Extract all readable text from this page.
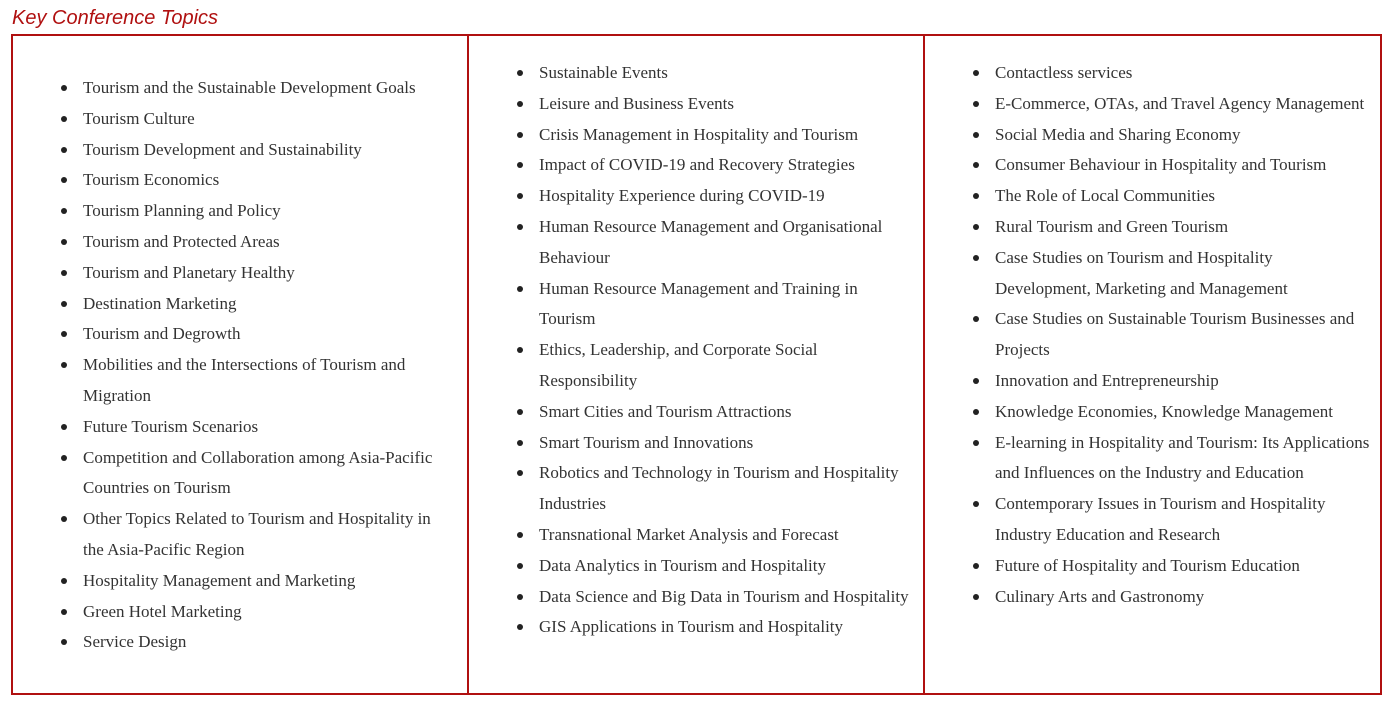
Key Conference Topics
Tourism and the Sustainable Development Goals
Tourism Culture
Tourism Development and Sustainability
Tourism Economics
Tourism Planning and Policy
Tourism and Protected Areas
Tourism and Planetary Healthy
Destination Marketing
Tourism and Degrowth
Mobilities and the Intersections of Tourism and Migration
Future Tourism Scenarios
Competition and Collaboration among Asia-Pacific Countries on Tourism
Other Topics Related to Tourism and Hospitality in the Asia-Pacific Region
Hospitality Management and Marketing
Green Hotel Marketing
Service Design

Sustainable Events
Leisure and Business Events
Crisis Management in Hospitality and Tourism
Impact of COVID-19 and Recovery Strategies
Hospitality Experience during COVID-19
Human Resource Management and Organisational Behaviour
Human Resource Management and Training in Tourism
Ethics, Leadership, and Corporate Social Responsibility
Smart Cities and Tourism Attractions
Smart Tourism and Innovations
Robotics and Technology in Tourism and Hospitality Industries
Transnational Market Analysis and Forecast
Data Analytics in Tourism and Hospitality
Data Science and Big Data in Tourism and Hospitality
GIS Applications in Tourism and Hospitality

Contactless services
E-Commerce, OTAs, and Travel Agency Management
Social Media and Sharing Economy
Consumer Behaviour in Hospitality and Tourism
The Role of Local Communities
Rural Tourism and Green Tourism
Case Studies on Tourism and Hospitality Development, Marketing and Management
Case Studies on Sustainable Tourism Businesses and Projects
Innovation and Entrepreneurship
Knowledge Economies, Knowledge Management
E-learning in Hospitality and Tourism: Its Applications and Influences on the Industry and Education
Contemporary Issues in Tourism and Hospitality Industry Education and Research
Future of Hospitality and Tourism Education
Culinary Arts and Gastronomy
